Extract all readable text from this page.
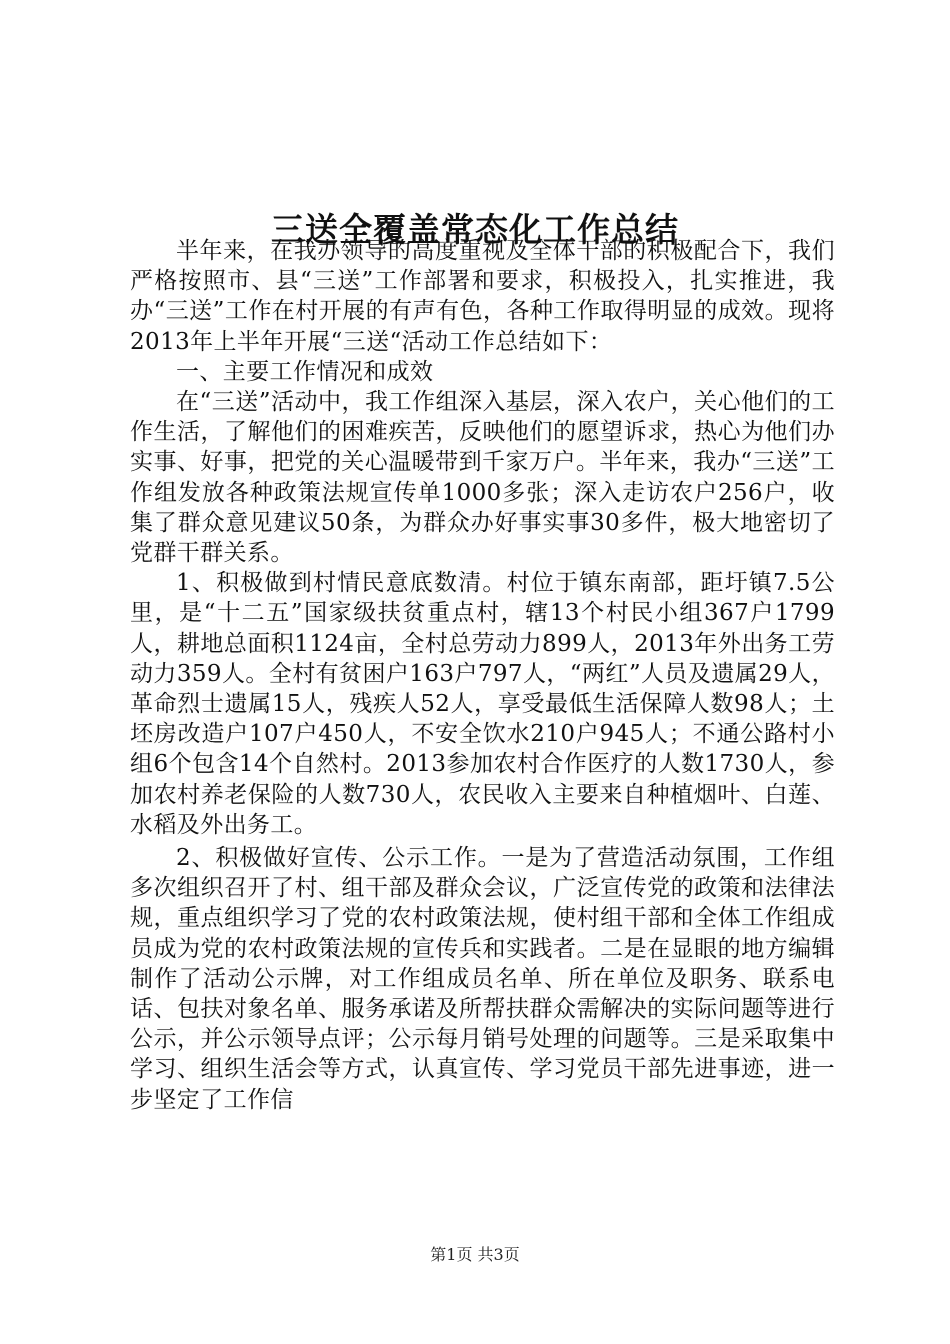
三送全覆盖常态化工作总结

半年来，在我办领导的高度重视及全体干部的积极配合下，我们严格按照市、县“三送”工作部署和要求，积极投入，扎实推进，我办“三送”工作在村开展的有声有色，各种工作取得明显的成效。现将2013年上半年开展“三送“活动工作总结如下：

一、主要工作情况和成效

在“三送”活动中，我工作组深入基层，深入农户，关心他们的工作生活，了解他们的困难疾苦，反映他们的愿望诉求，热心为他们办实事、好事，把党的关心温暖带到千家万户。半年来，我办“三送”工作组发放各种政策法规宣传单1000多张；深入走访农户256户，收集了群众意见建议50条，为群众办好事实事30多件，极大地密切了党群干群关系。

1、积极做到村情民意底数清。村位于镇东南部，距圩镇7.5公里，是“十二五”国家级扶贫重点村，辖13个村民小组367户1799人，耕地总面积1124亩，全村总劳动力899人，2013年外出务工劳动力359人。全村有贫困户163户797人，“两红”人员及遗属29人，革命烈士遗属15人，残疾人52人，享受最低生活保障人数98人；土坯房改造户107户450人，不安全饮水210户945人；不通公路村小组6个包含14个自然村。2013参加农村合作医疗的人数1730人，参加农村养老保险的人数730人，农民收入主要来自种植烟叶、白莲、水稻及外出务工。

2、积极做好宣传、公示工作。一是为了营造活动氛围，工作组多次组织召开了村、组干部及群众会议，广泛宣传党的政策和法律法规，重点组织学习了党的农村政策法规，使村组干部和全体工作组成员成为党的农村政策法规的宣传兵和实践者。二是在显眼的地方编辑制作了活动公示牌，对工作组成员名单、所在单位及职务、联系电话、包扶对象名单、服务承诺及所帮扶群众需解决的实际问题等进行公示，并公示领导点评；公示每月销号处理的问题等。三是采取集中学习、组织生活会等方式，认真宣传、学习党员干部先进事迹，进一步坚定了工作信

第1页 共3页
